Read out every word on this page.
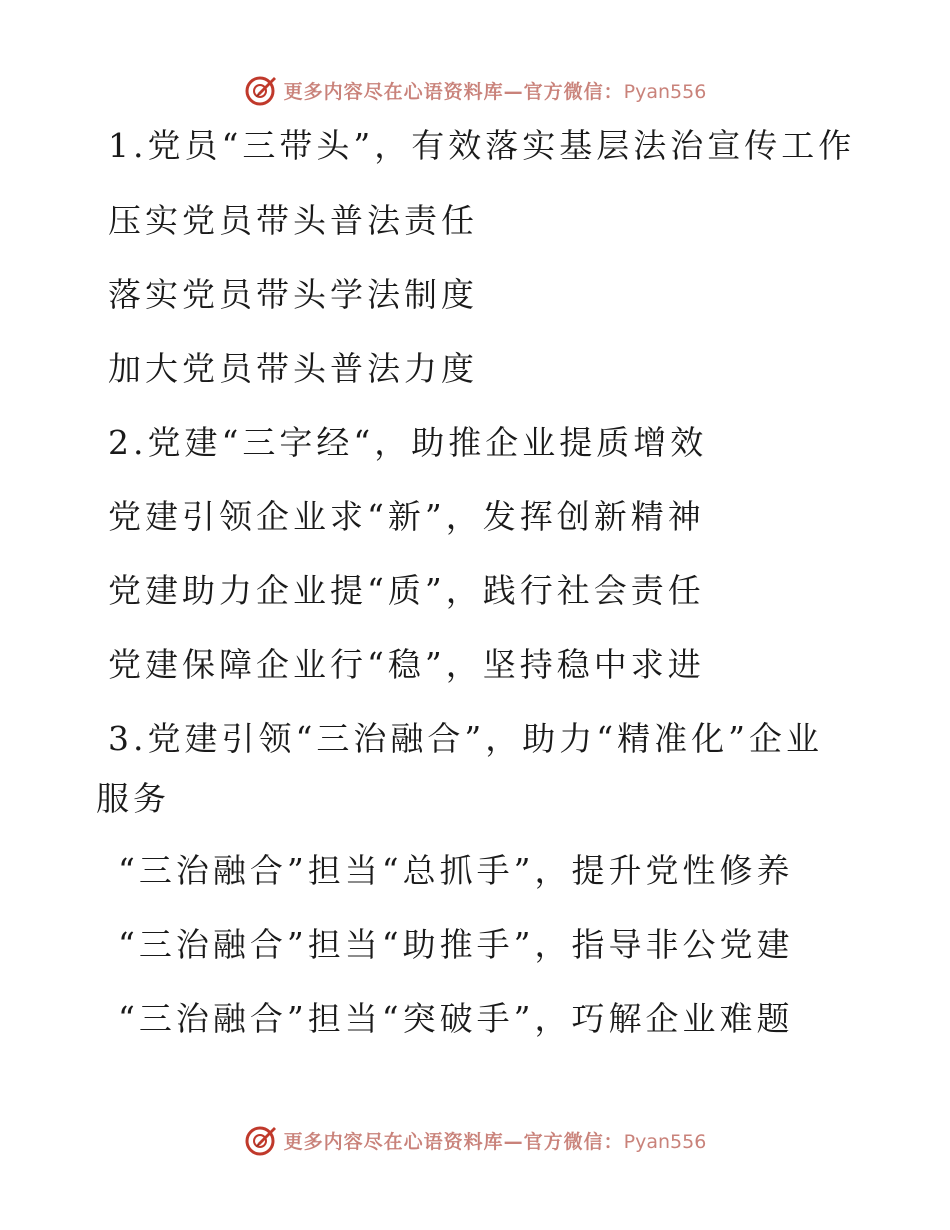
更多内容尽在心语资料库—官方微信：Pyan556
1.党员“三带头”，有效落实基层法治宣传工作
压实党员带头普法责任
落实党员带头学法制度
加大党员带头普法力度
2.党建“三字经“，助推企业提质增效
党建引领企业求“新”，发挥创新精神
党建助力企业提“质”，践行社会责任
党建保障企业行“稳”，坚持稳中求进
3.党建引领“三治融合”，助力“精准化”企业
服务
“三治融合”担当“总抓手”，提升党性修养
“三治融合”担当“助推手”，指导非公党建
“三治融合”担当“突破手”，巧解企业难题
更多内容尽在心语资料库—官方微信：Pyan556
